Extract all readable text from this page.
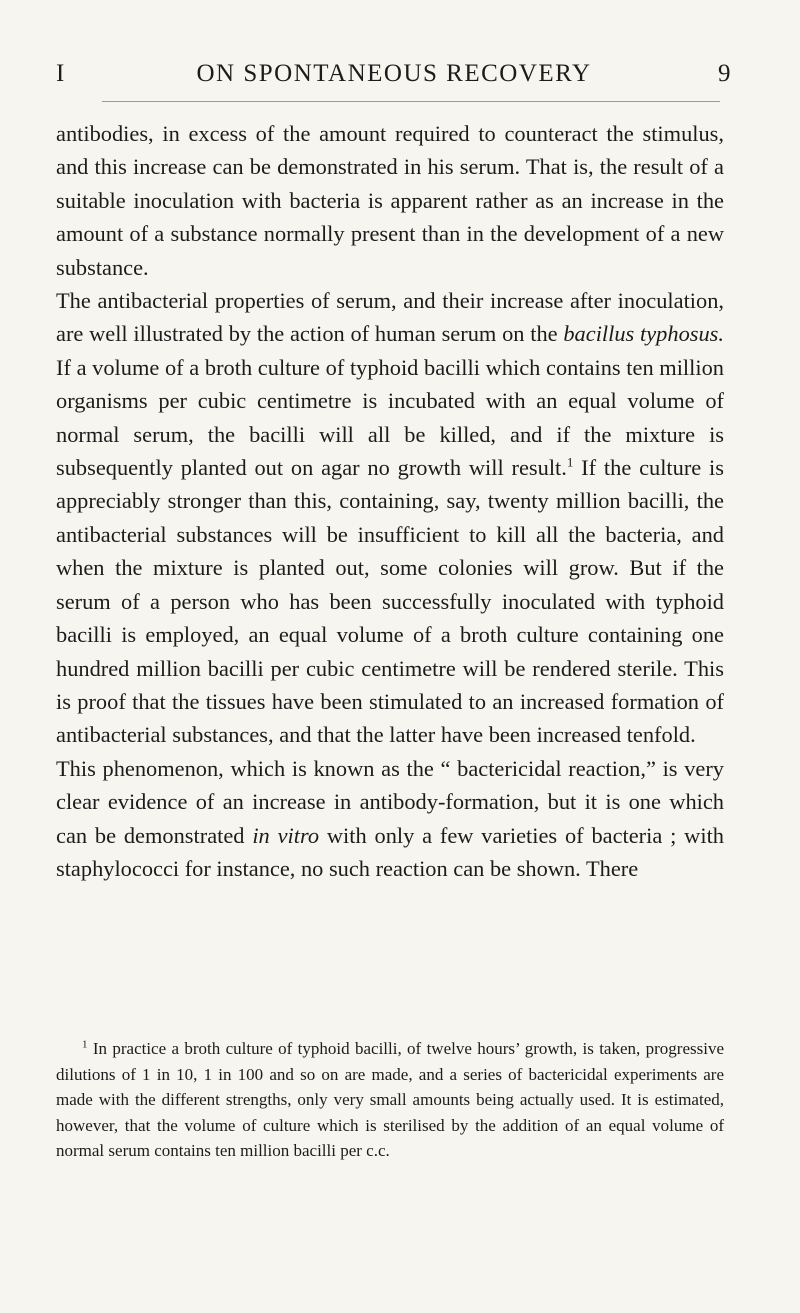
I	ON SPONTANEOUS RECOVERY	9

antibodies, in excess of the amount required to counteract the stimulus, and this increase can be demonstrated in his serum. That is, the result of a suitable inoculation with bacteria is apparent rather as an increase in the amount of a substance normally present than in the development of a new substance.

The antibacterial properties of serum, and their increase after inoculation, are well illustrated by the action of human serum on the bacillus typhosus. If a volume of a broth culture of typhoid bacilli which contains ten million organisms per cubic centimetre is incubated with an equal volume of normal serum, the bacilli will all be killed, and if the mixture is subsequently planted out on agar no growth will result.$^1$ If the culture is appreciably stronger than this, containing, say, twenty million bacilli, the antibacterial substances will be insufficient to kill all the bacteria, and when the mixture is planted out, some colonies will grow. But if the serum of a person who has been successfully inoculated with typhoid bacilli is employed, an equal volume of a broth culture containing one hundred million bacilli per cubic centimetre will be rendered sterile. This is proof that the tissues have been stimulated to an increased formation of antibacterial substances, and that the latter have been increased tenfold.

This phenomenon, which is known as the “ bactericidal reaction,” is very clear evidence of an increase in antibody-formation, but it is one which can be demonstrated in vitro with only a few varieties of bacteria ; with staphylococci for instance, no such reaction can be shown. There

$^1$ In practice a broth culture of typhoid bacilli, of twelve hours’ growth, is taken, progressive dilutions of 1 in 10, 1 in 100 and so on are made, and a series of bactericidal experiments are made with the different strengths, only very small amounts being actually used. It is estimated, however, that the volume of culture which is sterilised by the addition of an equal volume of normal serum contains ten million bacilli per c.c.
